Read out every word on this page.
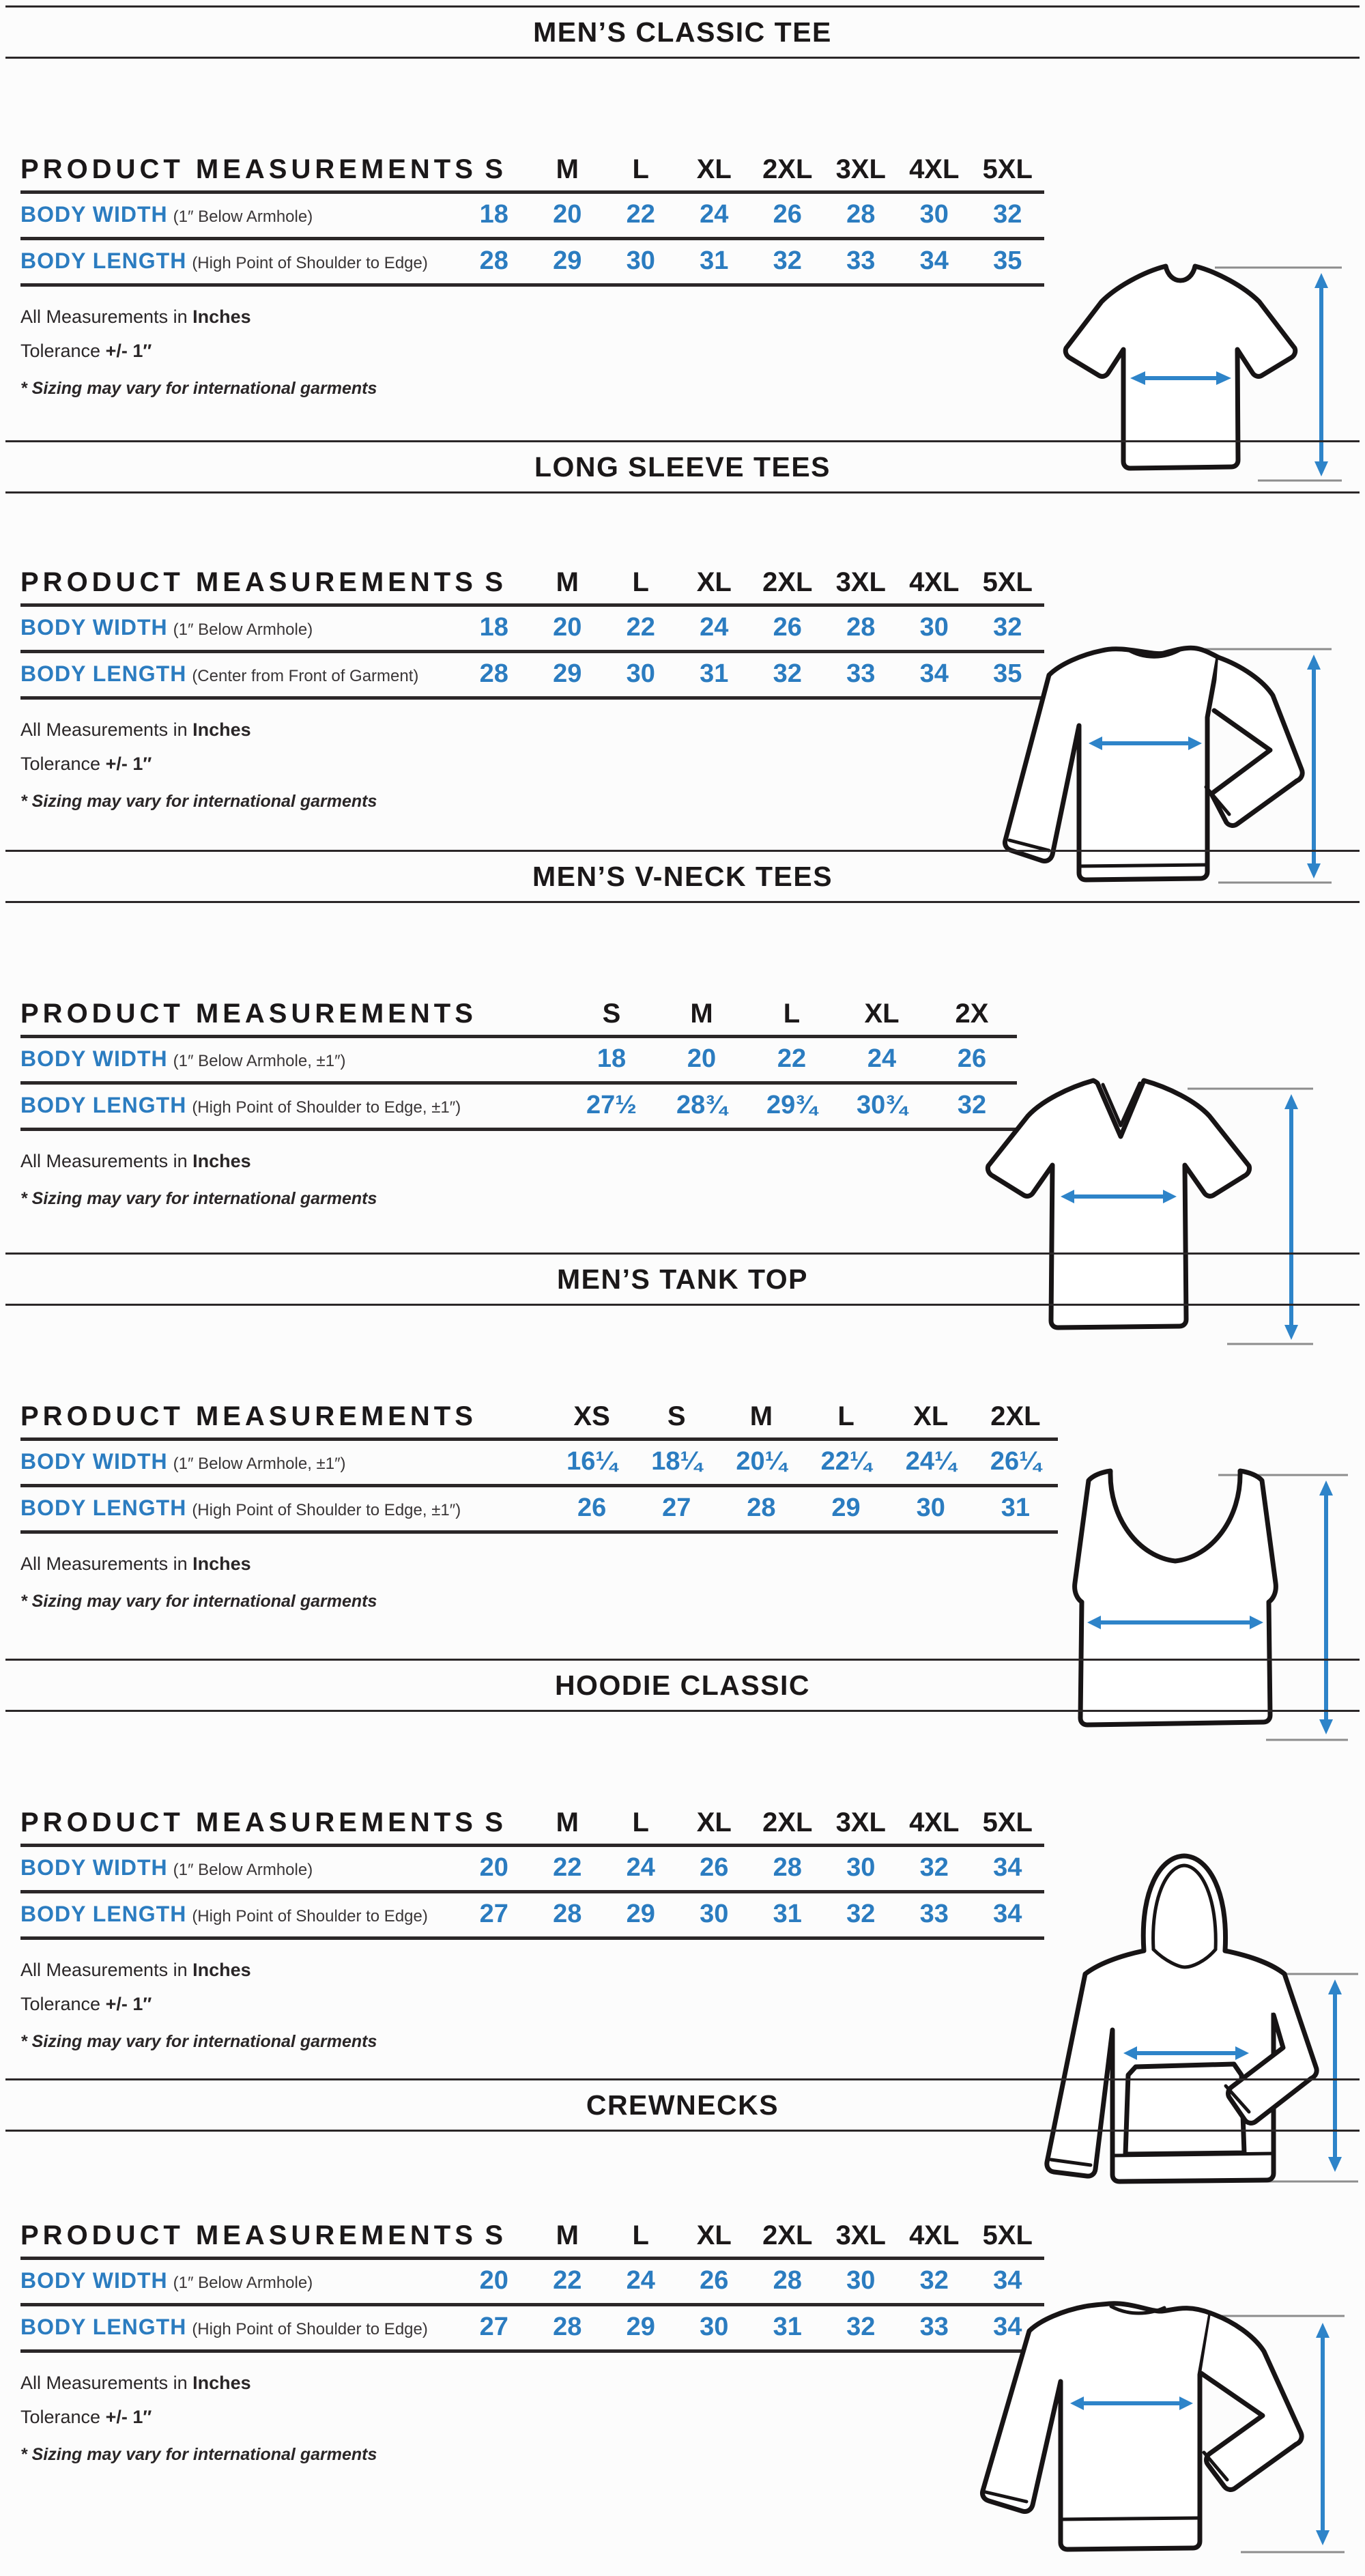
MEN’S CLASSIC TEE
PRODUCT MEASUREMENTS S	M	L	XL	2XL 3XL 4XL 5XL
BODY WIDTH (1″ Below Armhole)	18	20	22	24	26	28	30	32
BODY LENGTH (High Point of Shoulder to Edge)	28	29	30	31	32	33	34	35

All Measurements in Inches

Tolerance +/- 1″

* Sizing may vary for international garments

LONG SLEEVE TEES
PRODUCT MEASUREMENTS S	M	L	XL	2XL 3XL 4XL 5XL
BODY WIDTH (1″ Below Armhole)	18	20	22	24	26	28	30	32
BODY LENGTH (Center from Front of Garment)	28	29	30	31	32	33	34	35

All Measurements in Inches

Tolerance +/- 1″

* Sizing may vary for international garments

MEN’S V-NECK TEES
PRODUCT MEASUREMENTS	S	M	L	XL	2X
BODY WIDTH (1″ Below Armhole, ±1″)	18	20	22	24	26
BODY LENGTH (High Point of Shoulder to Edge, ±1″)	27½	28¾	29¾	30¾	32

All Measurements in Inches

* Sizing may vary for international garments

MEN’S TANK TOP
PRODUCT MEASUREMENTS	XS	S	M	L	XL	2XL
BODY WIDTH (1″ Below Armhole, ±1″)	16¼	18¼	20¼	22¼	24¼	26¼
BODY LENGTH (High Point of Shoulder to Edge, ±1″)	26	27	28	29	30	31

All Measurements in Inches

* Sizing may vary for international garments

HOODIE CLASSIC
PRODUCT MEASUREMENTS S	M	L	XL	2XL 3XL 4XL 5XL
BODY WIDTH (1″ Below Armhole)	20	22	24	26	28	30	32	34
BODY LENGTH (High Point of Shoulder to Edge)	27	28	29	30	31	32	33	34

All Measurements in Inches

Tolerance +/- 1″

* Sizing may vary for international garments

CREWNECKS
PRODUCT MEASUREMENTS S	M	L	XL	2XL 3XL 4XL 5XL
BODY WIDTH (1″ Below Armhole)	20	22	24	26	28	30	32	34
BODY LENGTH (High Point of Shoulder to Edge)	27	28	29	30	31	32	33	34

All Measurements in Inches

Tolerance +/- 1″

* Sizing may vary for international garments
